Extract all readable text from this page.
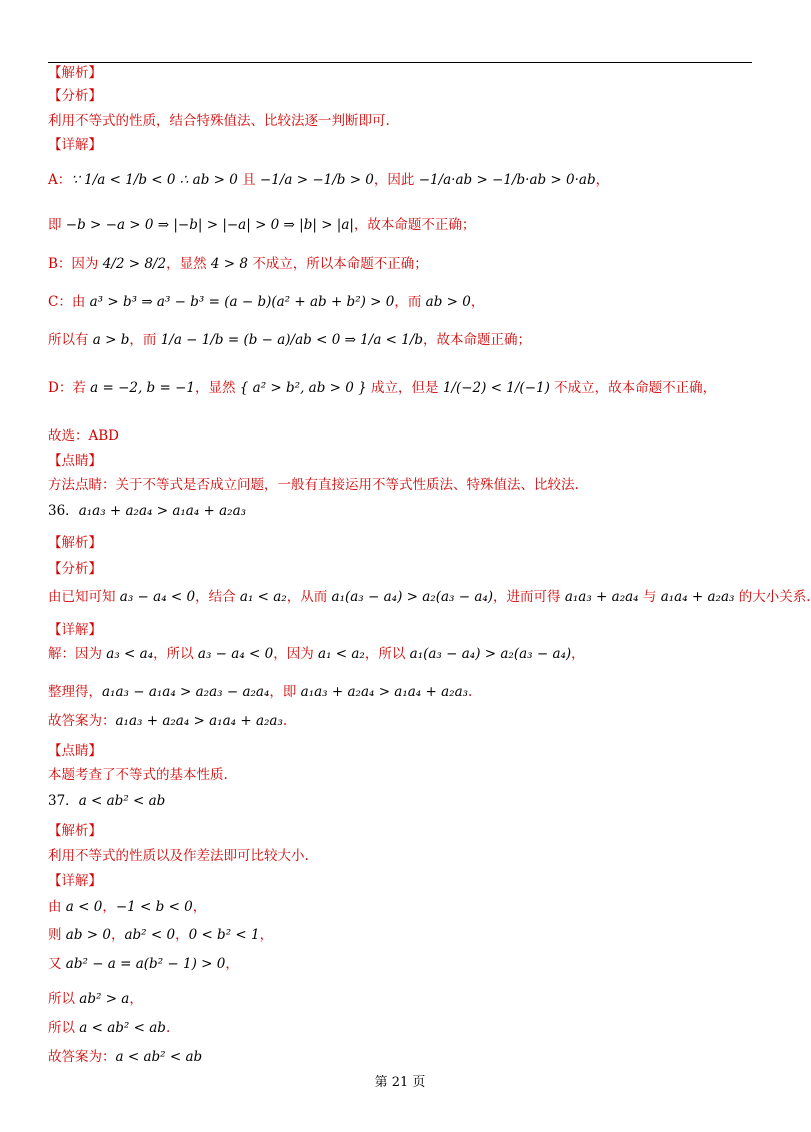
【解析】
【分析】
利用不等式的性质，结合特殊值法、比较法逐一判断即可.
【详解】
A：∵ 1/a < 1/b < 0 ∴ ab > 0 且 −1/a > −1/b > 0，因此 −1/a·ab > −1/b·ab > 0·ab，
即 −b > −a > 0 ⇒ |−b| > |−a| > 0 ⇒ |b| > |a|，故本命题不正确；
B：因为 4/2 > 8/2，显然 4 > 8 不成立，所以本命题不正确；
C：由 a³ > b³ ⇒ a³ − b³ = (a − b)(a² + ab + b²) > 0，而 ab > 0，
所以有 a > b，而 1/a − 1/b = (b − a)/ab < 0 ⇒ 1/a < 1/b，故本命题正确；
D：若 a = −2, b = −1，显然 { a² > b², ab > 0 } 成立，但是 1/(−2) < 1/(−1) 不成立，故本命题不正确，
故选：ABD
【点睛】
方法点睛：关于不等式是否成立问题，一般有直接运用不等式性质法、特殊值法、比较法.
36．a₁a₃ + a₂a₄ > a₁a₄ + a₂a₃
【解析】
【分析】
由已知可知 a₃ − a₄ < 0，结合 a₁ < a₂，从而 a₁(a₃ − a₄) > a₂(a₃ − a₄)，进而可得 a₁a₃ + a₂a₄ 与 a₁a₄ + a₂a₃ 的大小关系.
【详解】
解：因为 a₃ < a₄，所以 a₃ − a₄ < 0，因为 a₁ < a₂，所以 a₁(a₃ − a₄) > a₂(a₃ − a₄)，
整理得，a₁a₃ − a₁a₄ > a₂a₃ − a₂a₄，即 a₁a₃ + a₂a₄ > a₁a₄ + a₂a₃.
故答案为：a₁a₃ + a₂a₄ > a₁a₄ + a₂a₃.
【点睛】
本题考查了不等式的基本性质.
37．a < ab² < ab
【解析】
利用不等式的性质以及作差法即可比较大小.
【详解】
由 a < 0，−1 < b < 0，
则 ab > 0，ab² < 0，0 < b² < 1，
又 ab² − a = a(b² − 1) > 0，
所以 ab² > a，
所以 a < ab² < ab.
故答案为：a < ab² < ab
第 21 页
